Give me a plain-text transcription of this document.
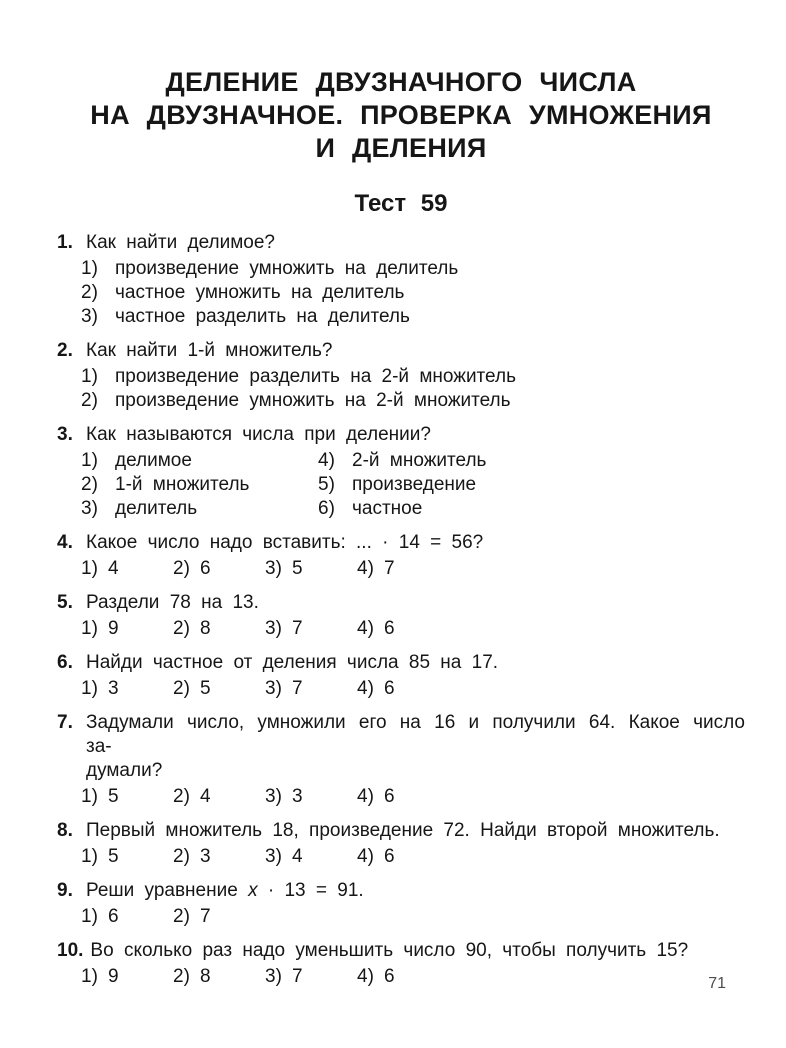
ДЕЛЕНИЕ ДВУЗНАЧНОГО ЧИСЛА
НА ДВУЗНАЧНОЕ. ПРОВЕРКА УМНОЖЕНИЯ
И ДЕЛЕНИЯ
Тест 59
1. Как найти делимое?
1) произведение умножить на делитель
2) частное умножить на делитель
3) частное разделить на делитель
2. Как найти 1-й множитель?
1) произведение разделить на 2-й множитель
2) произведение умножить на 2-й множитель
3. Как называются числа при делении?
1) делимое
2) 1-й множитель
3) делитель
4) 2-й множитель
5) произведение
6) частное
4. Какое число надо вставить: ... · 14 = 56?
1) 4	2) 6	3) 5	4) 7
5. Раздели 78 на 13.
1) 9	2) 8	3) 7	4) 6
6. Найди частное от деления числа 85 на 17.
1) 3	2) 5	3) 7	4) 6
7. Задумали число, умножили его на 16 и получили 64. Какое число за-
думали?
1) 5	2) 4	3) 3	4) 6
8. Первый множитель 18, произведение 72. Найди второй множитель.
1) 5	2) 3	3) 4	4) 6
9. Реши уравнение x · 13 = 91.
1) 6	2) 7
10. Во сколько раз надо уменьшить число 90, чтобы получить 15?
1) 9	2) 8	3) 7	4) 6	71
